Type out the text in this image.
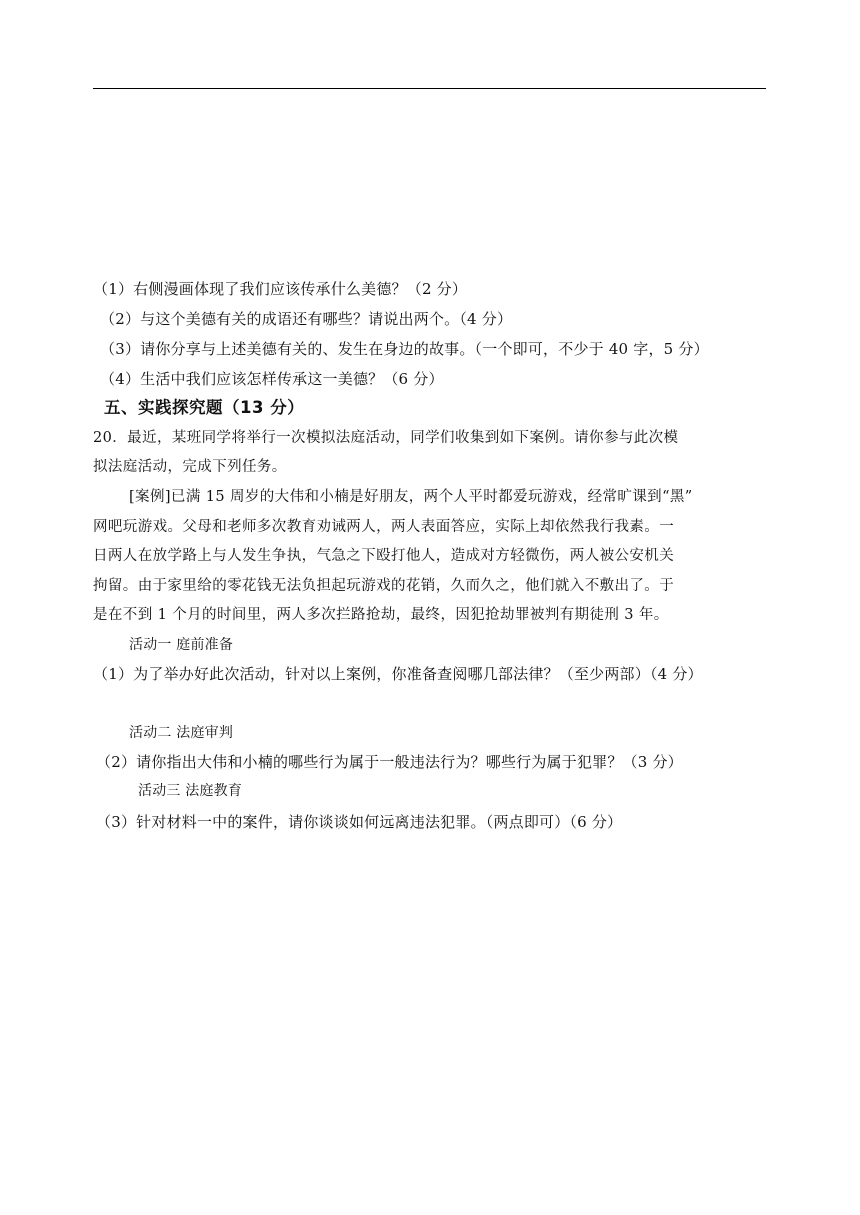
（1）右侧漫画体现了我们应该传承什么美德？（2 分）
（2）与这个美德有关的成语还有哪些？请说出两个。（4 分）
（3）请你分享与上述美德有关的、发生在身边的故事。（一个即可，不少于 40 字，5 分）
（4）生活中我们应该怎样传承这一美德？（6 分）
五、实践探究题（13 分）
20．最近，某班同学将举行一次模拟法庭活动，同学们收集到如下案例。请你参与此次模
拟法庭活动，完成下列任务。
[案例]已满 15 周岁的大伟和小楠是好朋友，两个人平时都爱玩游戏，经常旷课到“黑”
网吧玩游戏。父母和老师多次教育劝诫两人，两人表面答应，实际上却依然我行我素。一
日两人在放学路上与人发生争执，气急之下殴打他人，造成对方轻微伤，两人被公安机关
拘留。由于家里给的零花钱无法负担起玩游戏的花销，久而久之，他们就入不敷出了。于
是在不到 1 个月的时间里，两人多次拦路抢劫，最终，因犯抢劫罪被判有期徒刑 3 年。
活动一 庭前准备
（1）为了举办好此次活动，针对以上案例，你准备查阅哪几部法律？（至少两部）（4 分）
活动二 法庭审判
（2）请你指出大伟和小楠的哪些行为属于一般违法行为？哪些行为属于犯罪？（3 分）
活动三 法庭教育
（3）针对材料一中的案件，请你谈谈如何远离违法犯罪。（两点即可）（6 分）
